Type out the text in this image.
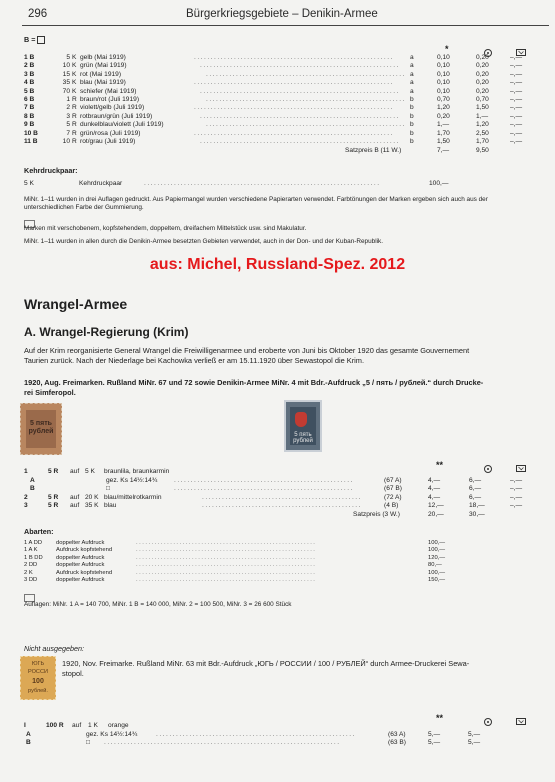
296	Bürgerkriegsgebiete – Denikin-Armee
B =
*
1 B	5 K gelb (Mai 1919)	............................................................ a	0,10	0,20	–,—
2 B	10 K grün (Mai 1919)	............................................................ a	0,10	0,20	–,—
3 B	15 K rot (Mai 1919)	............................................................ a	0,10	0,20	–,—
4 B	35 K blau (Mai 1919)	............................................................ a	0,10	0,20	–,—
5 B	70 K schiefer (Mai 1919)	............................................................ a	0,10	0,20	–,—
6 B	1 R braun/rot (Juli 1919)	............................................................ b	0,70	0,70	–,—
7 B	2 R violett/gelb (Juli 1919)	............................................................ b	1,20	1,50	–,—
8 B	3 R rotbraun/grün (Juli 1919)	............................................................ b	0,20	1,—	–,—
9 B	5 R dunkelblau/violett (Juli 1919)	............................................................ b	1,—	1,20	–,—
10 B	7 R grün/rosa (Juli 1919)	............................................................ b	1,70	2,50	–,—
11 B	10 R rot/grau (Juli 1919)	............................................................ b	1,50	1,70	–,—
Satzpreis B (11 W.)	7,—	9,50
Kehrdruckpaar:
5 K	Kehrdruckpaar	.......................................................................	100,—
MiNr. 1–11 wurden in drei Auflagen gedruckt. Aus Papiermangel wurden verschiedene Papierarten verwendet. Farbtönungen der Marken ergeben sich auch aus der
unterschiedlichen Farbe der Gummierung.
Marken mit verschobenem, kopfstehendem, doppeltem, dreifachem Mittelstück usw. sind Makulatur.
MiNr. 1–11 wurden in allen durch die Denikin-Armee besetzten Gebieten verwendet, auch in der Don- und der Kuban-Republik.
aus: Michel, Russland-Spez. 2012
Wrangel-Armee
A. Wrangel-Regierung (Krim)
Auf der Krim reorganisierte General Wrangel die Freiwilligenarmee und eroberte von Juni bis Oktober 1920 das gesamte Gouvernement
Taurien zurück. Nach der Niederlage bei Kachowka verließ er am 15.11.1920 über Sewastopol die Krim.
1920, Aug. Freimarken. Rußland MiNr. 67 und 72 sowie Denikin-Armee MiNr. 4 mit Bdr.-Aufdruck „5 / пять / рублей.“ durch Drucke-
rei Simferopol.
5 пять рублей	5 пять рублей
**
1	5 R auf 5 K braunlila, braunkarmin
A	gez. Ks 14½:14¾	......................................................	(67 A)	4,—	6,—	–,—
B	□	......................................................	(67 B)	4,—	6,—	–,—
2	5 R auf 20 K blau/mittelrotkarmin	................................................	(72 A)	4,—	6,—	–,—
3	5 R auf 35 K blau	................................................	(4 B)	12,—	18,—	–,—
Satzpreis (3 W.)	20,—	30,—
Abarten:
1 A DD doppelter Aufdruck	..........................................................	100,—
1 A K	Aufdruck kopfstehend	..........................................................	100,—
1 B DD doppelter Aufdruck	..........................................................	120,—
2 DD	doppelter Aufdruck	..........................................................	80,—
2 K	Aufdruck kopfstehend	..........................................................	100,—
3 DD	doppelter Aufdruck	..........................................................	150,—
Auflagen: MiNr. 1 A = 140 700, MiNr. 1 B = 140 000, MiNr. 2 = 100 500, MiNr. 3 = 26 600 Stück
Nicht ausgegeben:
ЮГЬ
РОССИ
100
рублей.
1920, Nov. Freimarke. Rußland MiNr. 63 mit Bdr.-Aufdruck „ЮГЬ / РОССИИ / 100 / РУБЛЕЙ“ durch Armee-Druckerei Sewa-
stopol.
**
I	100 R auf 1 K orange
A	gez. Ks 14½:14¾	............................................................	(63 A)	5,—	5,—
B	□ .......................................................................	(63 B)	5,—	5,—
